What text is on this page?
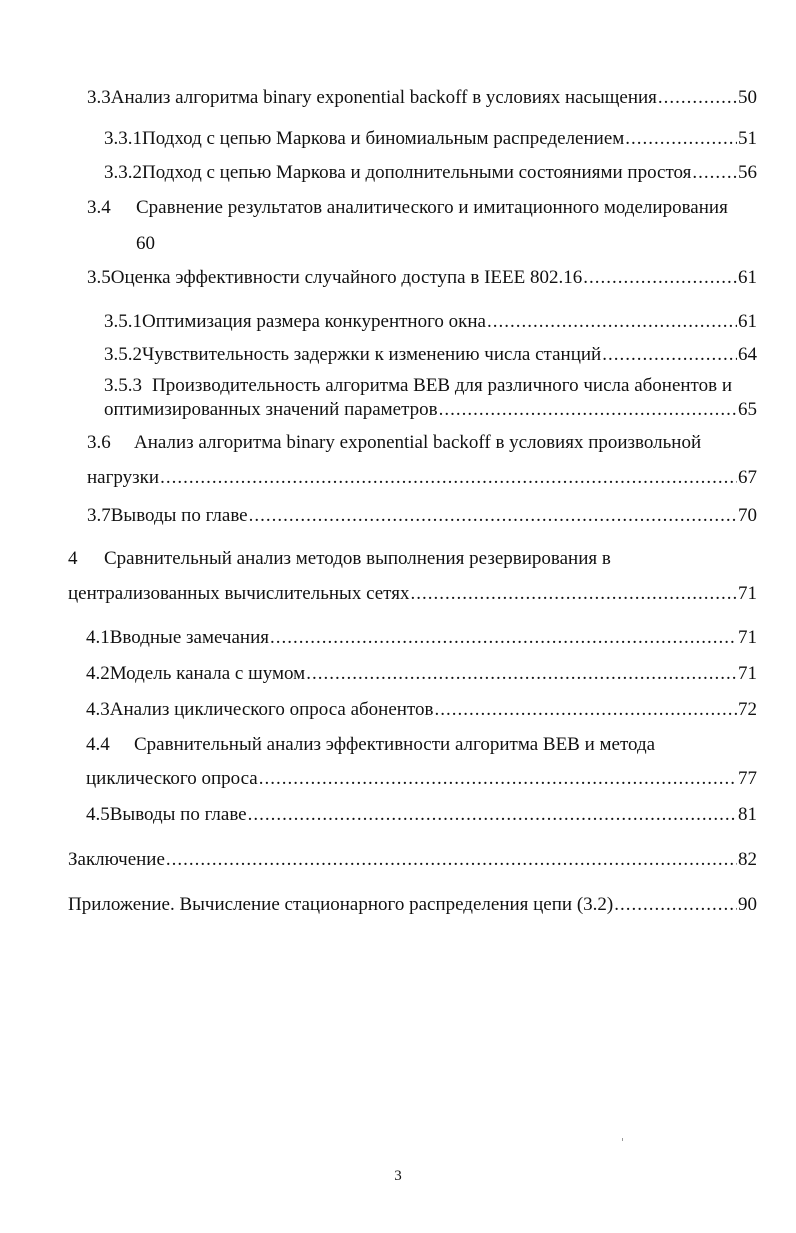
3.3 Анализ алгоритма binary exponential backoff в условиях насыщения .....	50
3.3.1 Подход с цепью Маркова и биномиальным распределением .....	51
3.3.2 Подход с цепью Маркова и дополнительными состояниями простоя ..... 56
3.4	Сравнение результатов аналитического и имитационного моделирования
60
3.5 Оценка эффективности случайного доступа в IEEE 802.16 .....	61
3.5.1 Оптимизация размера конкурентного окна .....	61
3.5.2 Чувствительность задержки к изменению числа станций .....	64
3.5.3 Производительность алгоритма BEB для различного числа абонентов и
оптимизированных значений параметров .....	65
3.6	Анализ алгоритма binary exponential backoff в условиях произвольной
нагрузки .....	67
3.7 Выводы по главе .....	70
4	Сравнительный анализ методов выполнения резервирования в
централизованных вычислительных сетях .....	71
4.1 Вводные замечания .....	71
4.2 Модель канала с шумом .....	71
4.3 Анализ циклического опроса абонентов .....	72
4.4	Сравнительный анализ эффективности алгоритма BEB и метода
циклического опроса .....	77
4.5 Выводы по главе .....	81
Заключение .....	82
Приложение. Вычисление стационарного распределения цепи (3.2) .....	90
3
